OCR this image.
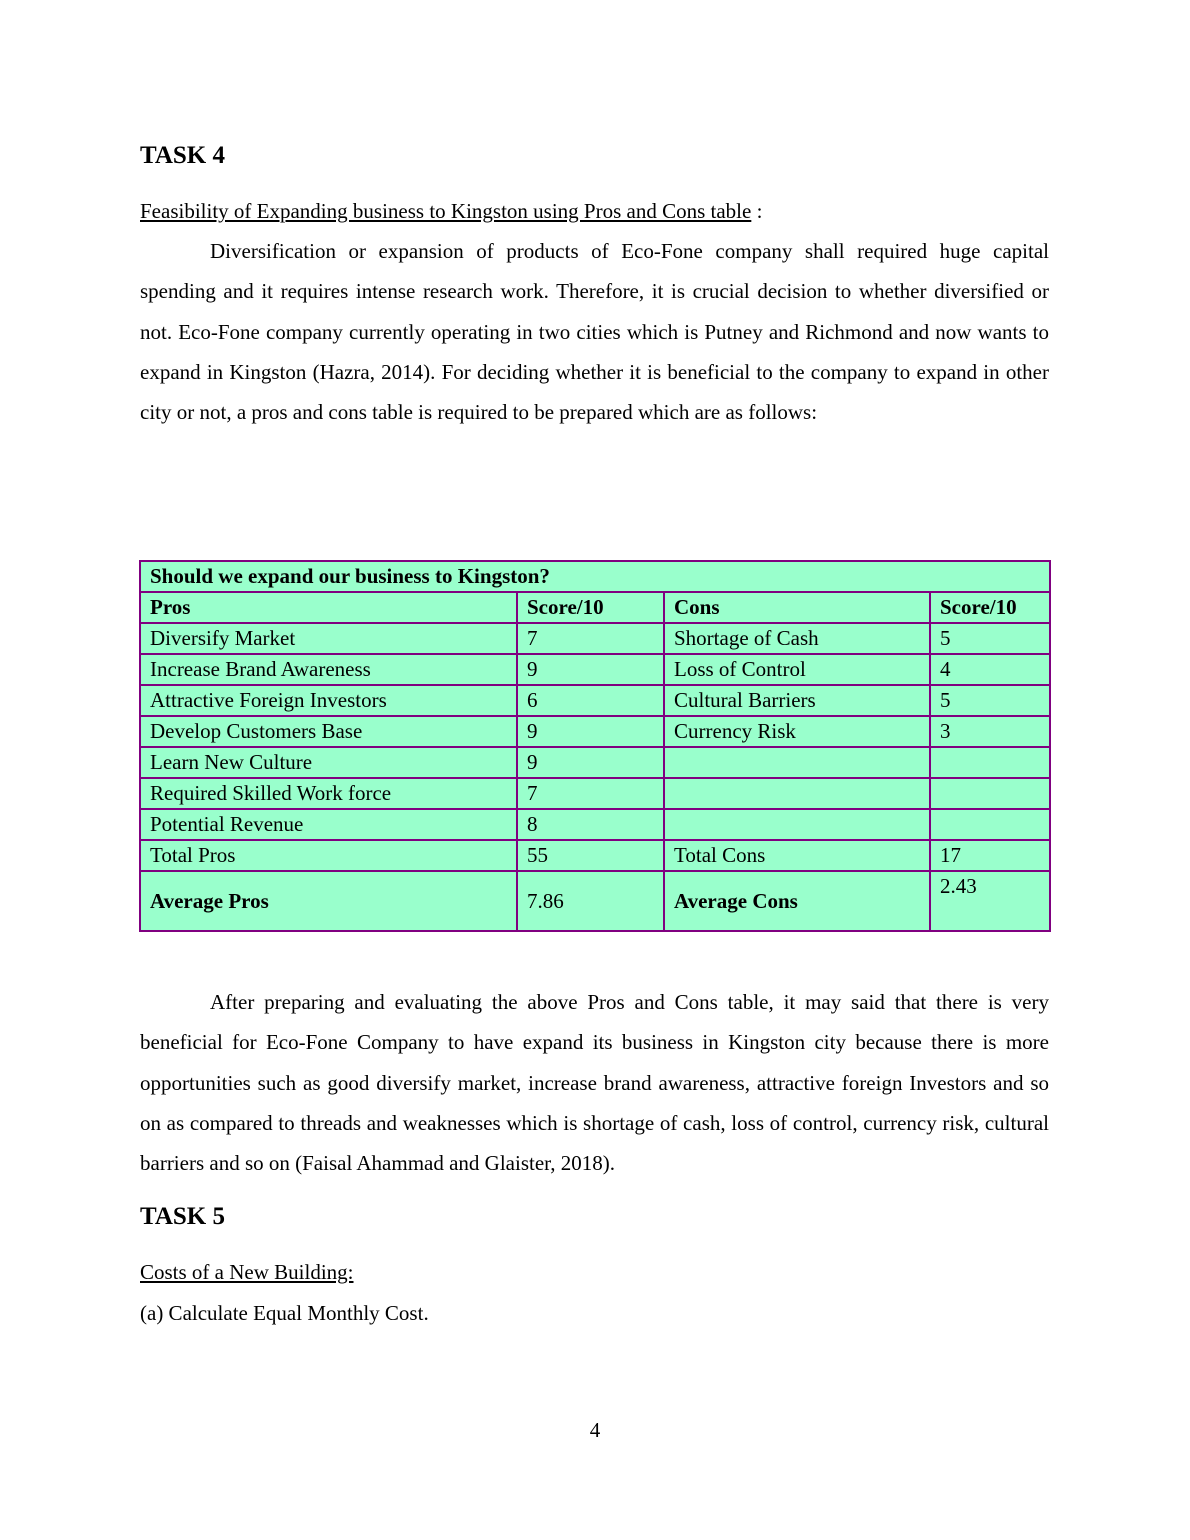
TASK 4
Feasibility of Expanding business to Kingston using Pros and Cons table :

Diversification or expansion of products of Eco-Fone company shall required huge capital spending and it requires intense research work. Therefore, it is crucial decision to whether diversified or not. Eco-Fone company currently operating in two cities which is Putney and Richmond and now wants to expand in Kingston (Hazra, 2014). For deciding whether it is beneficial to the company to expand in other city or not, a pros and cons table is required to be prepared which are as follows:

Should we expand our business to Kingston?			
Pros	Score/10	Cons	Score/10
Diversify Market	7	Shortage of Cash	5
Increase Brand Awareness	9	Loss of Control	4
Attractive Foreign Investors	6	Cultural Barriers	5
Develop Customers Base	9	Currency Risk	3
Learn New Culture	9		
Required Skilled Work force	7		
Potential Revenue	8		
Total Pros	55	Total Cons	17
Average Pros	7.86	Average Cons	2.43

After preparing and evaluating the above Pros and Cons table, it may said that there is very beneficial for Eco-Fone Company to have expand its business in Kingston city because there is more opportunities such as good diversify market, increase brand awareness, attractive foreign Investors and so on as compared to threads and weaknesses which is shortage of cash, loss of control, currency risk, cultural barriers and so on (Faisal Ahammad and Glaister, 2018).

TASK 5
Costs of a New Building:
(a) Calculate Equal Monthly Cost.
4
